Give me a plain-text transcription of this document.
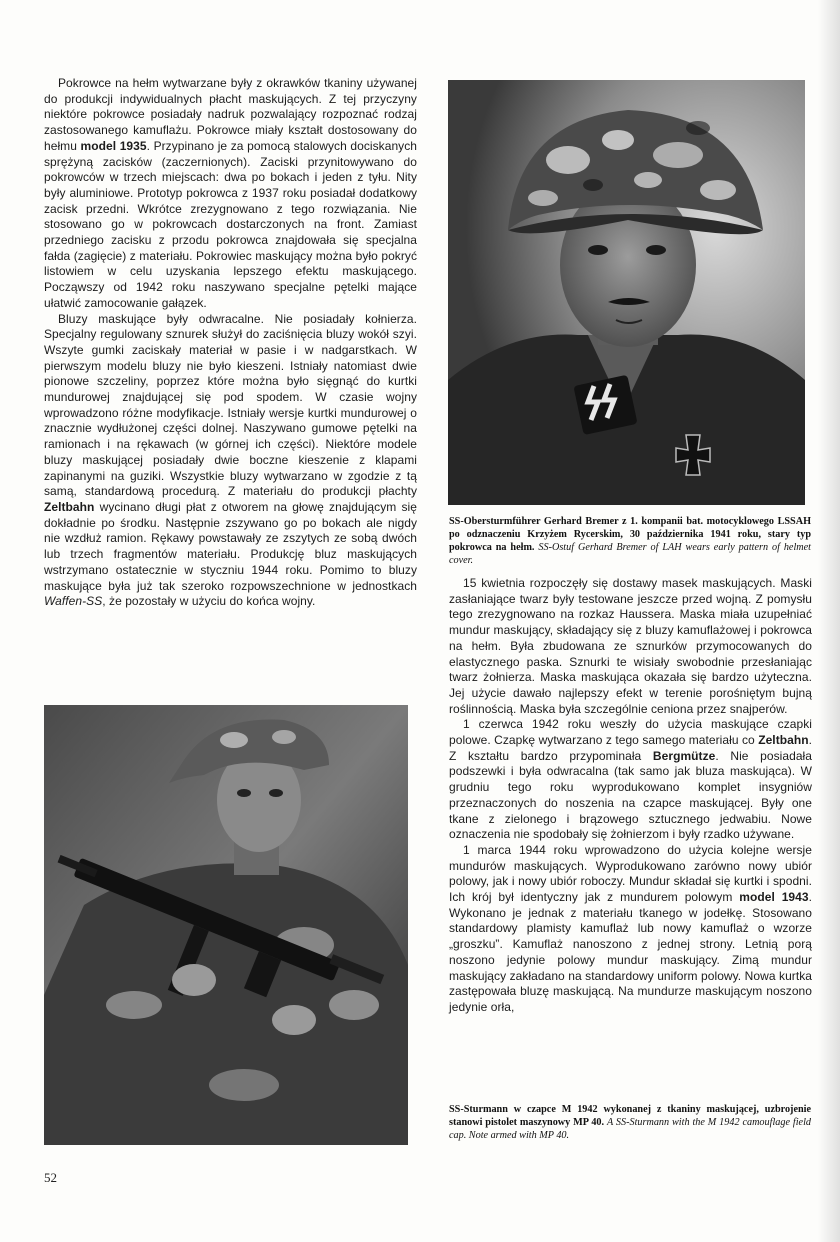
Pokrowce na hełm wytwarzane były z okrawków tkaniny używanej do produkcji indywidualnych płacht maskujących. Z tej przyczyny niektóre pokrowce posiadały nadruk pozwalający rozpoznać rodzaj zastosowanego kamuflażu. Pokrowce miały kształt dostosowany do hełmu model 1935. Przypinano je za pomocą stalowych dociskanych sprężyną zacisków (zaczernionych). Zaciski przynitowywano do pokrowców w trzech miejscach: dwa po bokach i jeden z tyłu. Nity były aluminiowe. Prototyp pokrowca z 1937 roku posiadał dodatkowy zacisk przedni. Wkrótce zrezygnowano z tego rozwiązania. Nie stosowano go w pokrowcach dostarczonych na front. Zamiast przedniego zacisku z przodu pokrowca znajdowała się specjalna fałda (zagięcie) z materiału. Pokrowiec maskujący można było pokryć listowiem w celu uzyskania lepszego efektu maskującego. Począwszy od 1942 roku naszywano specjalne pętelki mające ułatwić zamocowanie gałązek.

Bluzy maskujące były odwracalne. Nie posiadały kołnierza. Specjalny regulowany sznurek służył do zaciśnięcia bluzy wokół szyi. Wszyte gumki zaciskały materiał w pasie i w nadgarstkach. W pierwszym modelu bluzy nie było kieszeni. Istniały natomiast dwie pionowe szczeliny, poprzez które można było sięgnąć do kurtki mundurowej znajdującej się pod spodem. W czasie wojny wprowadzono różne modyfikacje. Istniały wersje kurtki mundurowej o znacznie wydłużonej części dolnej. Naszywano gumowe pętelki na ramionach i na rękawach (w górnej ich części). Niektóre modele bluzy maskującej posiadały dwie boczne kieszenie z klapami zapinanymi na guziki. Wszystkie bluzy wytwarzano w zgodzie z tą samą, standardową procedurą. Z materiału do produkcji płachty Zeltbahn wycinano długi płat z otworem na głowę znajdującym się dokładnie po środku. Następnie zszywano go po bokach ale nigdy nie wzdłuż ramion. Rękawy powstawały ze zszytych ze sobą dwóch lub trzech fragmentów materiału. Produkcję bluz maskujących wstrzymano ostatecznie w styczniu 1944 roku. Pomimo to bluzy maskujące była już tak szeroko rozpowszechnione w jednostkach Waffen-SS, że pozostały w użyciu do końca wojny.

SS-Obersturmführer Gerhard Bremer z 1. kompanii bat. motocyklowego LSSAH po odznaczeniu Krzyżem Rycerskim, 30 października 1941 roku, stary typ pokrowca na hełm. SS-Ostuf Gerhard Bremer of LAH wears early pattern of helmet cover.

15 kwietnia rozpoczęły się dostawy masek maskujących. Maski zasłaniające twarz były testowane jeszcze przed wojną. Z pomysłu tego zrezygnowano na rozkaz Haussera. Maska miała uzupełniać mundur maskujący, składający się z bluzy kamuflażowej i pokrowca na hełm. Była zbudowana ze sznurków przymocowanych do elastycznego paska. Sznurki te wisiały swobodnie przesłaniając twarz żołnierza. Maska maskująca okazała się bardzo użyteczna. Jej użycie dawało najlepszy efekt w terenie porośniętym bujną roślinnością. Maska była szczególnie ceniona przez snajperów.

1 czerwca 1942 roku weszły do użycia maskujące czapki polowe. Czapkę wytwarzano z tego samego materiału co Zeltbahn. Z kształtu bardzo przypominała Bergmütze. Nie posiadała podszewki i była odwracalna (tak samo jak bluza maskująca). W grudniu tego roku wyprodukowano komplet insygniów przeznaczonych do noszenia na czapce maskującej. Były one tkane z zielonego i brązowego sztucznego jedwabiu. Nowe oznaczenia nie spodobały się żołnierzom i były rzadko używane.

1 marca 1944 roku wprowadzono do użycia kolejne wersje mundurów maskujących. Wyprodukowano zarówno nowy ubiór polowy, jak i nowy ubiór roboczy. Mundur składał się kurtki i spodni. Ich krój był identyczny jak z mundurem polowym model 1943. Wykonano je jednak z materiału tkanego w jodełkę. Stosowano standardowy plamisty kamuflaż lub nowy kamuflaż o wzorze „groszku”. Kamuflaż nanoszono z jednej strony. Letnią porą noszono jedynie polowy mundur maskujący. Zimą mundur maskujący zakładano na standardowy uniform polowy. Nowa kurtka zastępowała bluzę maskującą. Na mundurze maskującym noszono jedynie orła,

SS-Sturmann w czapce M 1942 wykonanej z tkaniny maskującej, uzbrojenie stanowi pistolet maszynowy MP 40. A SS-Sturmann with the M 1942 camouflage field cap. Note armed with MP 40.
52
